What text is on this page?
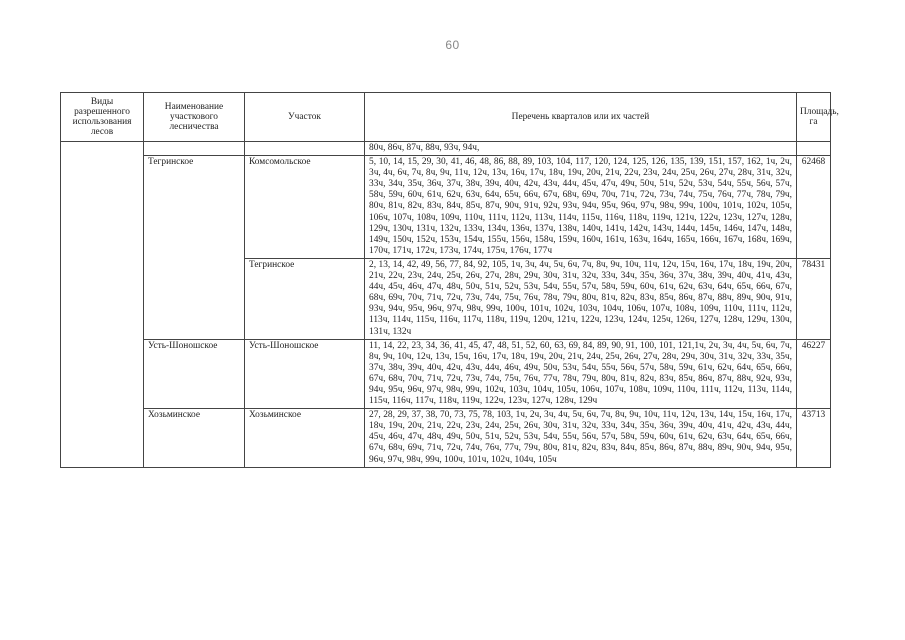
60
Виды разрешенного использования лесов	Наименование участкового лесничества	Участок	Перечень кварталов или их частей	Площадь, га
			80ч, 86ч, 87ч, 88ч, 93ч, 94ч,	
	Тегринское	Комсомольское	5, 10, 14, 15, 29, 30, 41, 46, 48, 86, 88, 89, 103, 104, 117, 120, 124, 125, 126, 135, 139, 151, 157, 162, 1ч, 2ч, 3ч, 4ч, 6ч, 7ч, 8ч, 9ч, 11ч, 12ч, 13ч, 16ч, 17ч, 18ч, 19ч, 20ч, 21ч, 22ч, 23ч, 24ч, 25ч, 26ч, 27ч, 28ч, 31ч, 32ч, 33ч, 34ч, 35ч, 36ч, 37ч, 38ч, 39ч, 40ч, 42ч, 43ч, 44ч, 45ч, 47ч, 49ч, 50ч, 51ч, 52ч, 53ч, 54ч, 55ч, 56ч, 57ч, 58ч, 59ч, 60ч, 61ч, 62ч, 63ч, 64ч, 65ч, 66ч, 67ч, 68ч, 69ч, 70ч, 71ч, 72ч, 73ч, 74ч, 75ч, 76ч, 77ч, 78ч, 79ч, 80ч, 81ч, 82ч, 83ч, 84ч, 85ч, 87ч, 90ч, 91ч, 92ч, 93ч, 94ч, 95ч, 96ч, 97ч, 98ч, 99ч, 100ч, 101ч, 102ч, 105ч, 106ч, 107ч, 108ч, 109ч, 110ч, 111ч, 112ч, 113ч, 114ч, 115ч, 116ч, 118ч, 119ч, 121ч, 122ч, 123ч, 127ч, 128ч, 129ч, 130ч, 131ч, 132ч, 133ч, 134ч, 136ч, 137ч, 138ч, 140ч, 141ч, 142ч, 143ч, 144ч, 145ч, 146ч, 147ч, 148ч, 149ч, 150ч, 152ч, 153ч, 154ч, 155ч, 156ч, 158ч, 159ч, 160ч, 161ч, 163ч, 164ч, 165ч, 166ч, 167ч, 168ч, 169ч, 170ч, 171ч, 172ч, 173ч, 174ч, 175ч, 176ч, 177ч	62468
		Тегринское	2, 13, 14, 42, 49, 56, 77, 84, 92, 105, 1ч, 3ч, 4ч, 5ч, 6ч, 7ч, 8ч, 9ч, 10ч, 11ч, 12ч, 15ч, 16ч, 17ч, 18ч, 19ч, 20ч, 21ч, 22ч, 23ч, 24ч, 25ч, 26ч, 27ч, 28ч, 29ч, 30ч, 31ч, 32ч, 33ч, 34ч, 35ч, 36ч, 37ч, 38ч, 39ч, 40ч, 41ч, 43ч, 44ч, 45ч, 46ч, 47ч, 48ч, 50ч, 51ч, 52ч, 53ч, 54ч, 55ч, 57ч, 58ч, 59ч, 60ч, 61ч, 62ч, 63ч, 64ч, 65ч, 66ч, 67ч, 68ч, 69ч, 70ч, 71ч, 72ч, 73ч, 74ч, 75ч, 76ч, 78ч, 79ч, 80ч, 81ч, 82ч, 83ч, 85ч, 86ч, 87ч, 88ч, 89ч, 90ч, 91ч, 93ч, 94ч, 95ч, 96ч, 97ч, 98ч, 99ч, 100ч, 101ч, 102ч, 103ч, 104ч, 106ч, 107ч, 108ч, 109ч, 110ч, 111ч, 112ч, 113ч, 114ч, 115ч, 116ч, 117ч, 118ч, 119ч, 120ч, 121ч, 122ч, 123ч, 124ч, 125ч, 126ч, 127ч, 128ч, 129ч, 130ч, 131ч, 132ч	78431
	Усть-Шоношское	Усть-Шоношское	11, 14, 22, 23, 34, 36, 41, 45, 47, 48, 51, 52, 60, 63, 69, 84, 89, 90, 91, 100, 101, 121,1ч, 2ч, 3ч, 4ч, 5ч, 6ч, 7ч, 8ч, 9ч, 10ч, 12ч, 13ч, 15ч, 16ч, 17ч, 18ч, 19ч, 20ч, 21ч, 24ч, 25ч, 26ч, 27ч, 28ч, 29ч, 30ч, 31ч, 32ч, 33ч, 35ч, 37ч, 38ч, 39ч, 40ч, 42ч, 43ч, 44ч, 46ч, 49ч, 50ч, 53ч, 54ч, 55ч, 56ч, 57ч, 58ч, 59ч, 61ч, 62ч, 64ч, 65ч, 66ч, 67ч, 68ч, 70ч, 71ч, 72ч, 73ч, 74ч, 75ч, 76ч, 77ч, 78ч, 79ч, 80ч, 81ч, 82ч, 83ч, 85ч, 86ч, 87ч, 88ч, 92ч, 93ч, 94ч, 95ч, 96ч, 97ч, 98ч, 99ч, 102ч, 103ч, 104ч, 105ч, 106ч, 107ч, 108ч, 109ч, 110ч, 111ч, 112ч, 113ч, 114ч, 115ч, 116ч, 117ч, 118ч, 119ч, 122ч, 123ч, 127ч, 128ч, 129ч	46227
	Хозьминское	Хозьминское	27, 28, 29, 37, 38, 70, 73, 75, 78, 103, 1ч, 2ч, 3ч, 4ч, 5ч, 6ч, 7ч, 8ч, 9ч, 10ч, 11ч, 12ч, 13ч, 14ч, 15ч, 16ч, 17ч, 18ч, 19ч, 20ч, 21ч, 22ч, 23ч, 24ч, 25ч, 26ч, 30ч, 31ч, 32ч, 33ч, 34ч, 35ч, 36ч, 39ч, 40ч, 41ч, 42ч, 43ч, 44ч, 45ч, 46ч, 47ч, 48ч, 49ч, 50ч, 51ч, 52ч, 53ч, 54ч, 55ч, 56ч, 57ч, 58ч, 59ч, 60ч, 61ч, 62ч, 63ч, 64ч, 65ч, 66ч, 67ч, 68ч, 69ч, 71ч, 72ч, 74ч, 76ч, 77ч, 79ч, 80ч, 81ч, 82ч, 83ч, 84ч, 85ч, 86ч, 87ч, 88ч, 89ч, 90ч, 94ч, 95ч, 96ч, 97ч, 98ч, 99ч, 100ч, 101ч, 102ч, 104ч, 105ч	43713
